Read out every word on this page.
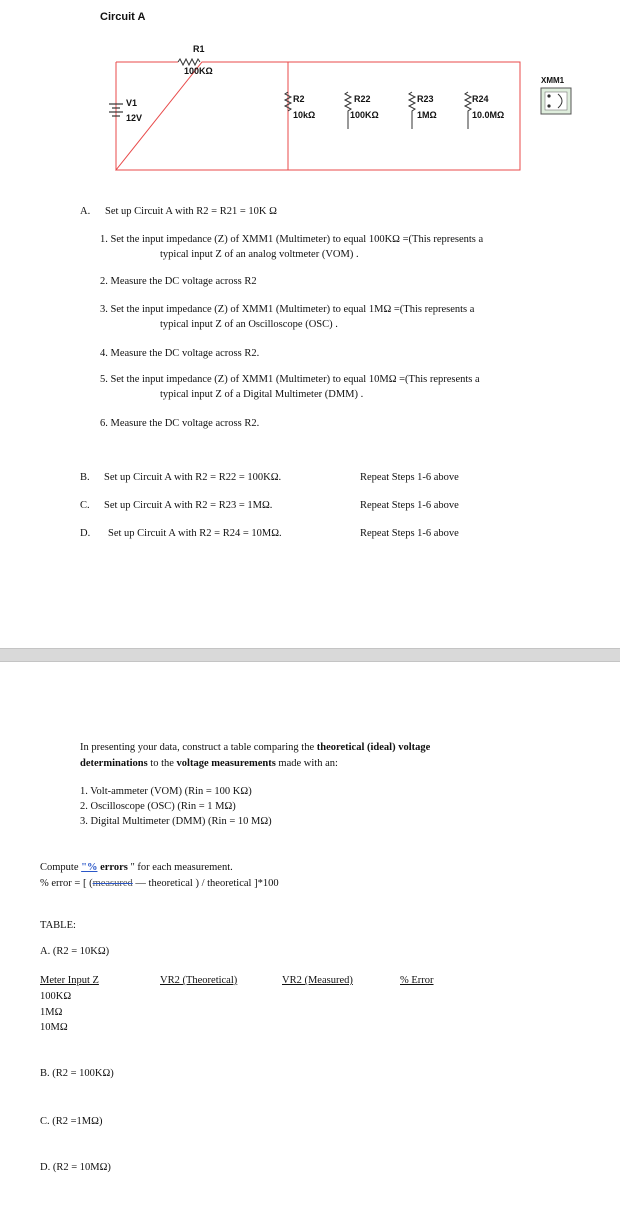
Circuit A
R1
100KΩ
V1
12V
R2
10kΩ
R22
100KΩ
R23
1MΩ
R24
10.0MΩ
XMM1
A. Set up Circuit A with R2 = R21 = 10K Ω
1. Set the input impedance (Z) of XMM1 (Multimeter) to equal 100KΩ =(This represents a
typical input Z of an analog voltmeter (VOM) .
2. Measure the DC voltage across R2
3. Set the input impedance (Z) of XMM1 (Multimeter) to equal 1MΩ =(This represents a
typical input Z of an Oscilloscope (OSC) .
4. Measure the DC voltage across R2.
5. Set the input impedance (Z) of XMM1 (Multimeter) to equal 10MΩ =(This represents a
typical input Z of a Digital Multimeter (DMM) .
6. Measure the DC voltage across R2.
B. Set up Circuit A with R2 = R22 = 100KΩ.	Repeat Steps 1-6 above
C. Set up Circuit A with R2 = R23 = 1MΩ.	Repeat Steps 1-6 above
D. Set up Circuit A with R2 = R24 = 10MΩ.	Repeat Steps 1-6 above
In presenting your data, construct a table comparing the theoretical (ideal) voltage
determinations to the voltage measurements made with an:
1. Volt-ammeter (VOM) (Rin = 100 KΩ)
2. Oscilloscope (OSC) (Rin = 1 MΩ)
3. Digital Multimeter (DMM) (Rin = 10 MΩ)
Compute "% errors " for each measurement.
% error = [ (measured — theoretical ) / theoretical ]*100
TABLE:
A. (R2 = 10KΩ)
Meter Input Z	VR2 (Theoretical)	VR2 (Measured)	% Error
100KΩ
1MΩ
10MΩ
B. (R2 = 100KΩ)
C. (R2 =1MΩ)
D. (R2 = 10MΩ)
